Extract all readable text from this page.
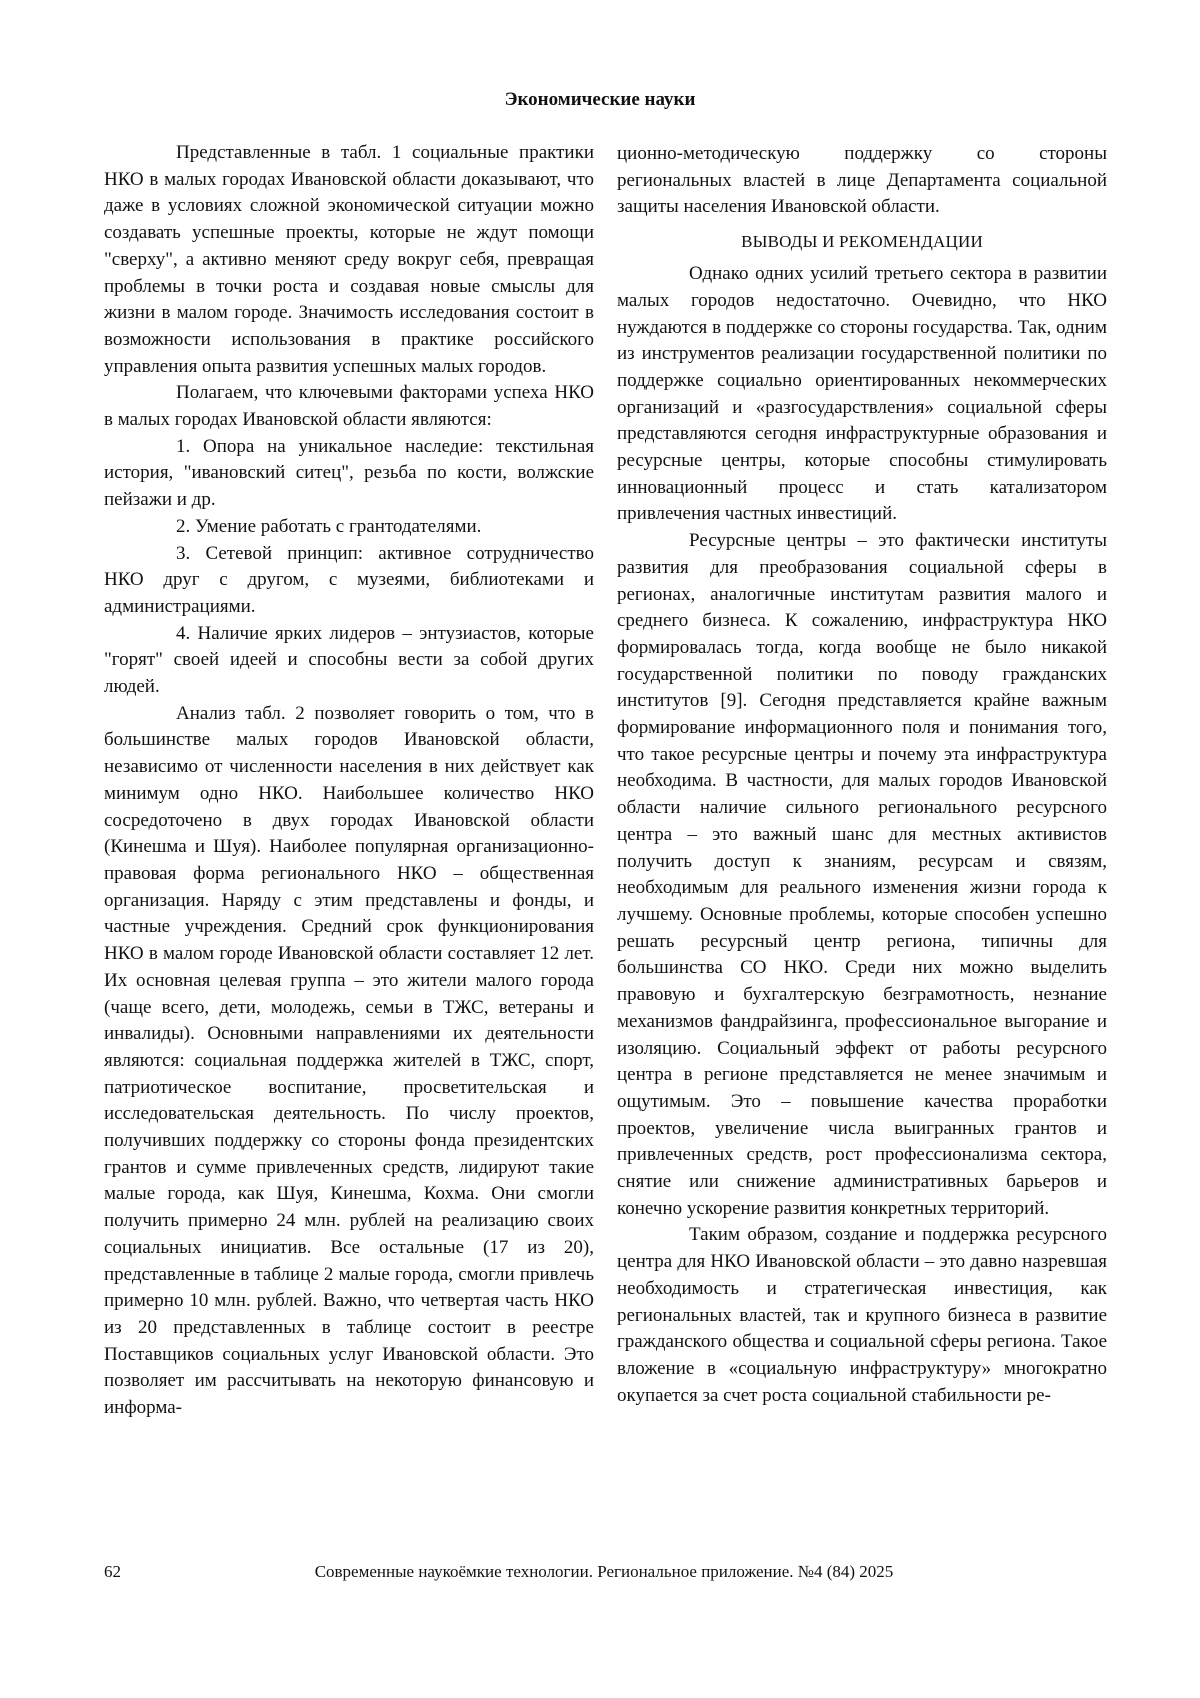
Экономические науки

Представленные в табл. 1 социальные практики НКО в малых городах Ивановской области доказывают, что даже в условиях сложной экономической ситуации можно создавать успешные проекты, которые не ждут помощи "сверху", а активно меняют среду вокруг себя, превращая проблемы в точки роста и создавая новые смыслы для жизни в малом городе. Значимость исследования состоит в возможности использования в практике российского управления опыта развития успешных малых городов.

Полагаем, что ключевыми факторами успеха НКО в малых городах Ивановской области являются:

1. Опора на уникальное наследие: текстильная история, "ивановский ситец", резьба по кости, волжские пейзажи и др.

2. Умение работать с грантодателями.

3. Сетевой принцип: активное сотрудничество НКО друг с другом, с музеями, библиотеками и администрациями.

4. Наличие ярких лидеров – энтузиастов, которые "горят" своей идеей и способны вести за собой других людей.

Анализ табл. 2 позволяет говорить о том, что в большинстве малых городов Ивановской области, независимо от численности населения в них действует как минимум одно НКО. Наибольшее количество НКО сосредоточено в двух городах Ивановской области (Кинешма и Шуя). Наиболее популярная организационно-правовая форма регионального НКО – общественная организация. Наряду с этим представлены и фонды, и частные учреждения. Средний срок функционирования НКО в малом городе Ивановской области составляет 12 лет. Их основная целевая группа – это жители малого города (чаще всего, дети, молодежь, семьи в ТЖС, ветераны и инвалиды). Основными направлениями их деятельности являются: социальная поддержка жителей в ТЖС, спорт, патриотическое воспитание, просветительская и исследовательская деятельность. По числу проектов, получивших поддержку со стороны фонда президентских грантов и сумме привлеченных средств, лидируют такие малые города, как Шуя, Кинешма, Кохма. Они смогли получить примерно 24 млн. рублей на реализацию своих социальных инициатив. Все остальные (17 из 20), представленные в таблице 2 малые города, смогли привлечь примерно 10 млн. рублей. Важно, что четвертая часть НКО из 20 представленных в таблице состоит в реестре Поставщиков социальных услуг Ивановской области. Это позволяет им рассчитывать на некоторую финансовую и информа-

ционно-методическую поддержку со стороны региональных властей в лице Департамента социальной защиты населения Ивановской области.

ВЫВОДЫ И РЕКОМЕНДАЦИИ

Однако одних усилий третьего сектора в развитии малых городов недостаточно. Очевидно, что НКО нуждаются в поддержке со стороны государства. Так, одним из инструментов реализации государственной политики по поддержке социально ориентированных некоммерческих организаций и «разгосударствления» социальной сферы представляются сегодня инфраструктурные образования и ресурсные центры, которые способны стимулировать инновационный процесс и стать катализатором привлечения частных инвестиций.

Ресурсные центры – это фактически институты развития для преобразования социальной сферы в регионах, аналогичные институтам развития малого и среднего бизнеса. К сожалению, инфраструктура НКО формировалась тогда, когда вообще не было никакой государственной политики по поводу гражданских институтов [9]. Сегодня представляется крайне важным формирование информационного поля и понимания того, что такое ресурсные центры и почему эта инфраструктура необходима. В частности, для малых городов Ивановской области наличие сильного регионального ресурсного центра – это важный шанс для местных активистов получить доступ к знаниям, ресурсам и связям, необходимым для реального изменения жизни города к лучшему. Основные проблемы, которые способен успешно решать ресурсный центр региона, типичны для большинства СО НКО. Среди них можно выделить правовую и бухгалтерскую безграмотность, незнание механизмов фандрайзинга, профессиональное выгорание и изоляцию. Социальный эффект от работы ресурсного центра в регионе представляется не менее значимым и ощутимым. Это – повышение качества проработки проектов, увеличение числа выигранных грантов и привлеченных средств, рост профессионализма сектора, снятие или снижение административных барьеров и конечно ускорение развития конкретных территорий.

Таким образом, создание и поддержка ресурсного центра для НКО Ивановской области – это давно назревшая необходимость и стратегическая инвестиция, как региональных властей, так и крупного бизнеса в развитие гражданского общества и социальной сферы региона. Такое вложение в «социальную инфраструктуру» многократно окупается за счет роста социальной стабильности ре-

62	Современные наукоёмкие технологии. Региональное приложение. №4 (84) 2025
